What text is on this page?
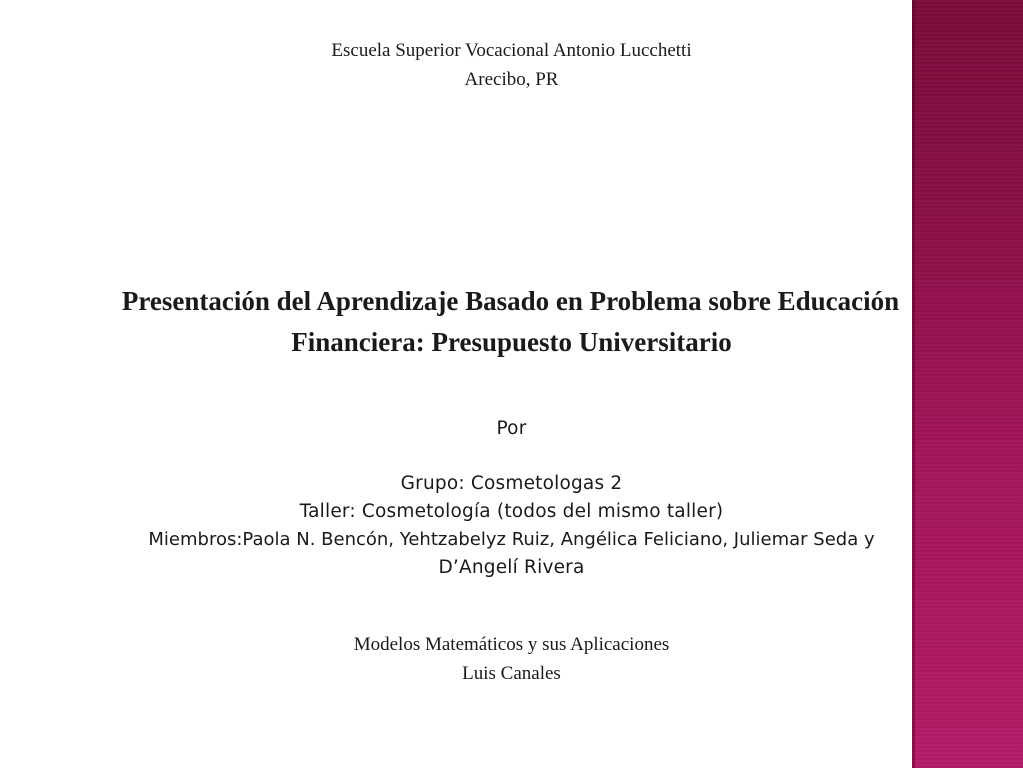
Escuela Superior Vocacional Antonio Lucchetti
Arecibo, PR
Presentación del Aprendizaje Basado en Problema sobre Educación
Financiera: Presupuesto Universitario
Por
Grupo: Cosmetologas 2
Taller: Cosmetología (todos del mismo taller)
Miembros:Paola N. Bencón, Yehtzabelyz Ruiz, Angélica Feliciano, Juliemar Seda y
D’Angelí Rivera
Modelos Matemáticos y sus Aplicaciones
Luis Canales
